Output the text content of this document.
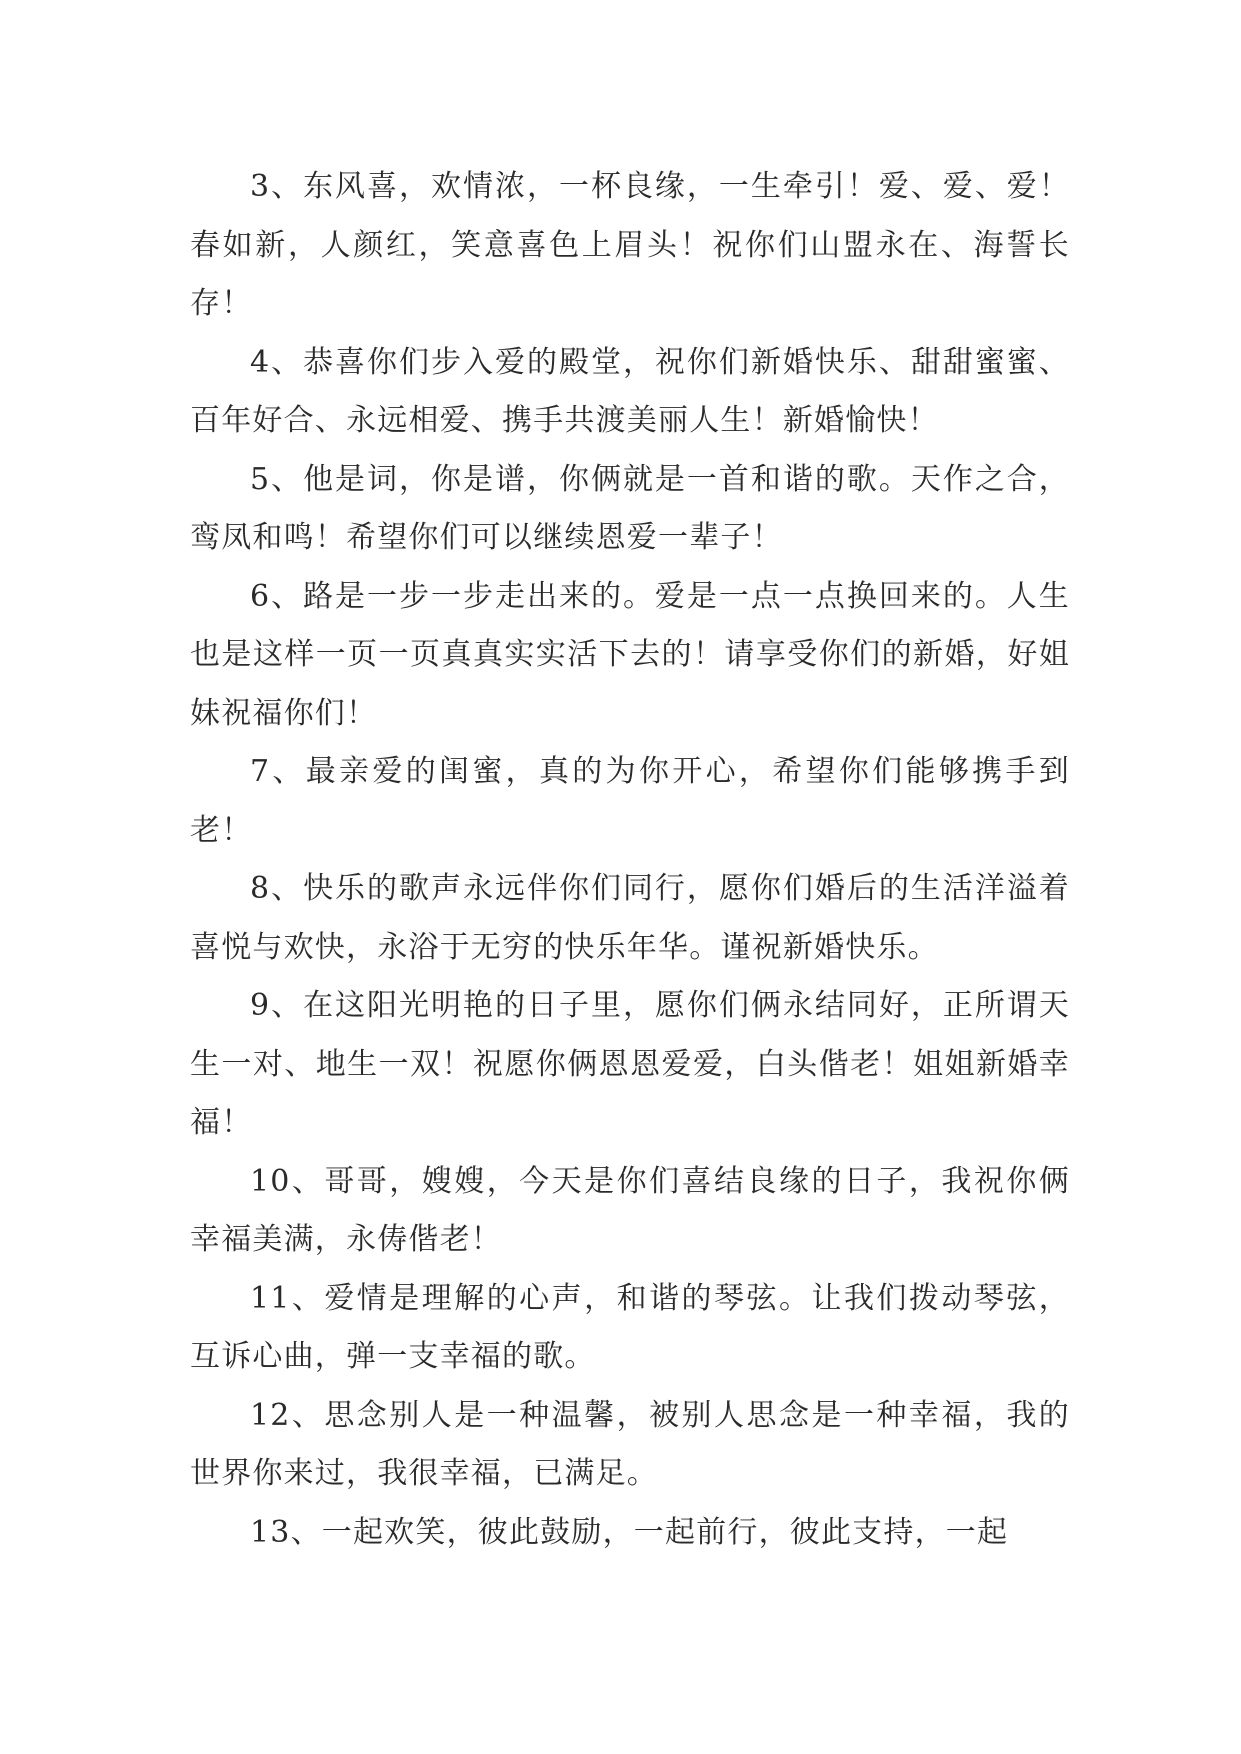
3、东风喜，欢情浓，一杯良缘，一生牵引！爱、爱、爱！春如新，人颜红，笑意喜色上眉头！祝你们山盟永在、海誓长存！

4、恭喜你们步入爱的殿堂，祝你们新婚快乐、甜甜蜜蜜、百年好合、永远相爱、携手共渡美丽人生！新婚愉快！

5、他是词，你是谱，你俩就是一首和谐的歌。天作之合，鸾凤和鸣！希望你们可以继续恩爱一辈子！

6、路是一步一步走出来的。爱是一点一点换回来的。人生也是这样一页一页真真实实活下去的！请享受你们的新婚，好姐妹祝福你们！

7、最亲爱的闺蜜，真的为你开心，希望你们能够携手到老！

8、快乐的歌声永远伴你们同行，愿你们婚后的生活洋溢着喜悦与欢快，永浴于无穷的快乐年华。谨祝新婚快乐。

9、在这阳光明艳的日子里，愿你们俩永结同好，正所谓天生一对、地生一双！祝愿你俩恩恩爱爱，白头偕老！姐姐新婚幸福！

10、哥哥，嫂嫂，今天是你们喜结良缘的日子，我祝你俩幸福美满，永俦偕老！

11、爱情是理解的心声，和谐的琴弦。让我们拨动琴弦，互诉心曲，弹一支幸福的歌。

12、思念别人是一种温馨，被别人思念是一种幸福，我的世界你来过，我很幸福，已满足。

13、一起欢笑，彼此鼓励，一起前行，彼此支持，一起
